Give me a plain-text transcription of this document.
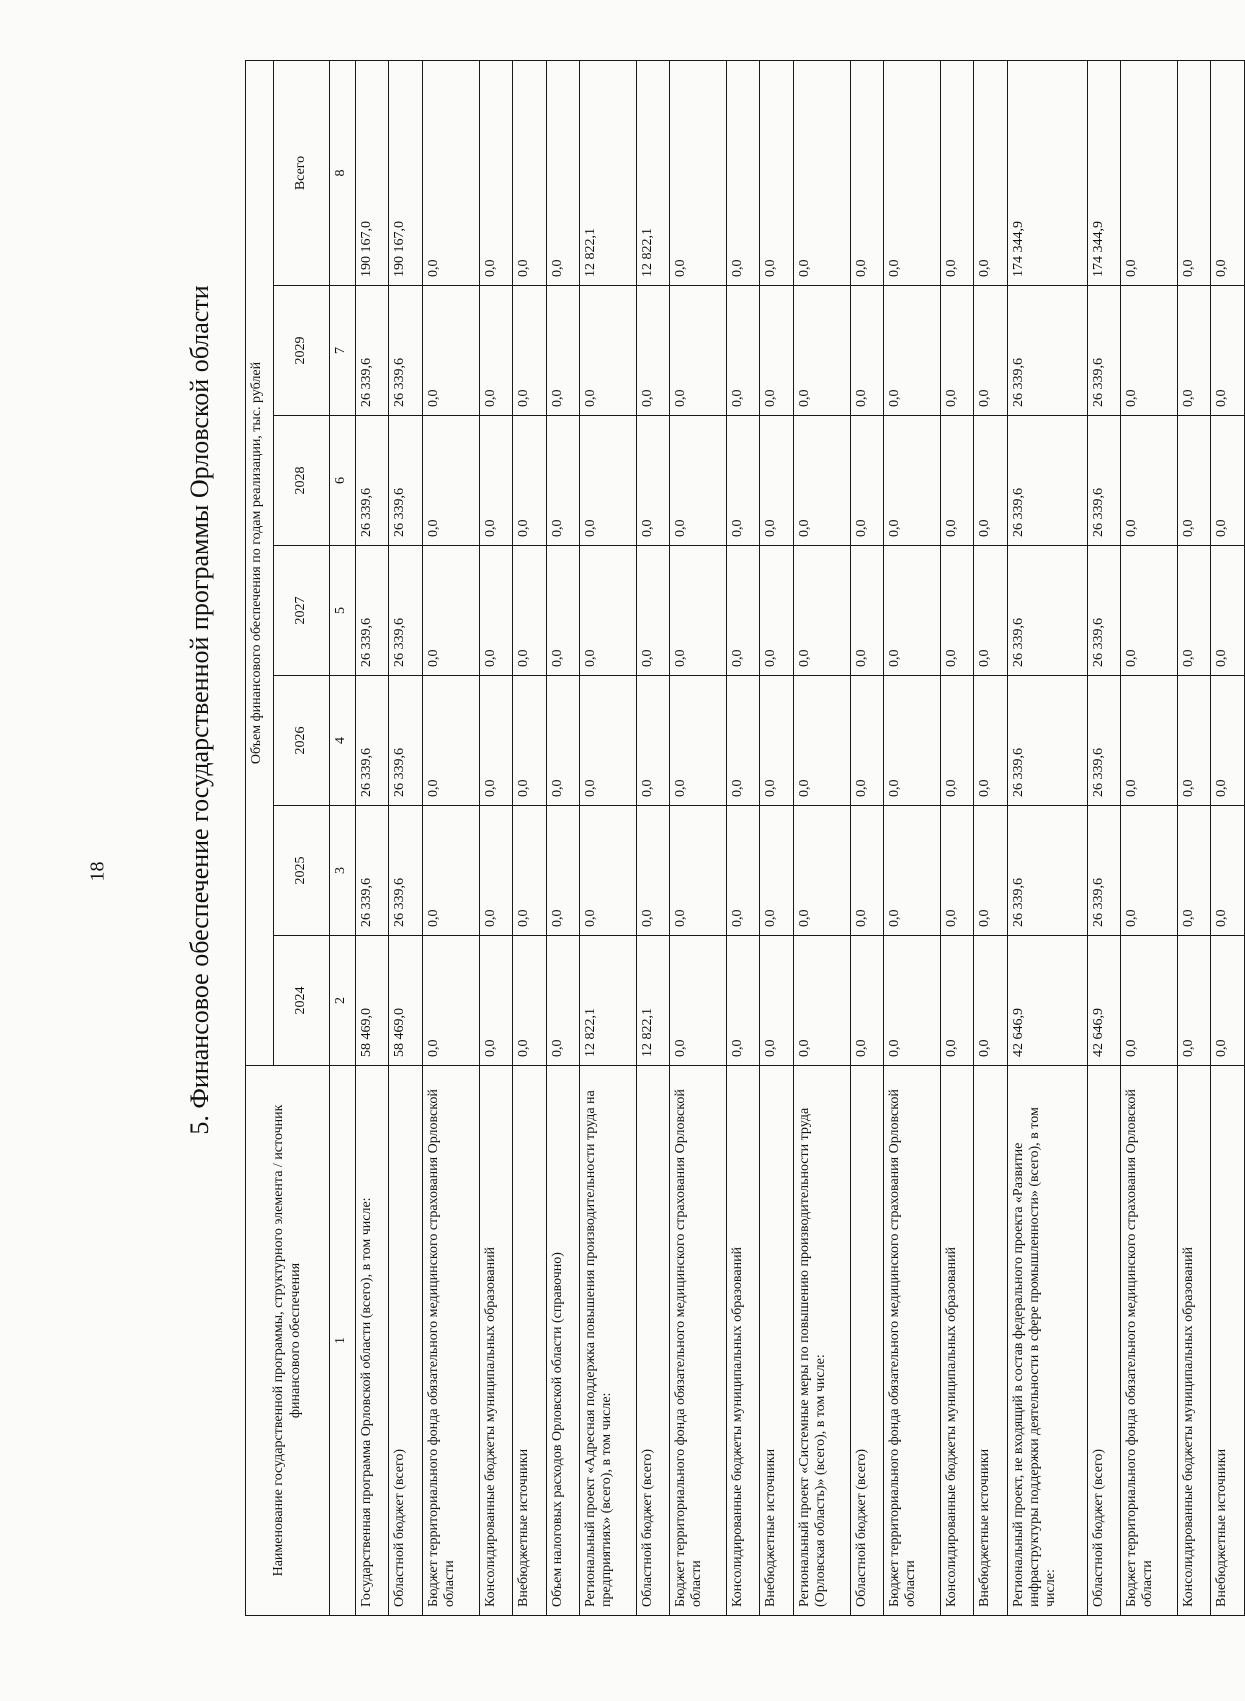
18	5. Финансовое обеспечение государственной программы Орловской области
Наименование государственной программы, структурного элемента / источник финансового обеспечения	Объем финансового обеспечения по годам реализации, тыс. рублей						
	2024	2025	2026	2027	2028	2029	Всего
1	2	3	4	5	6	7	8
Государственная программа Орловской области (всего), в том числе:	58 469,0	26 339,6	26 339,6	26 339,6	26 339,6	26 339,6	190 167,0
Областной бюджет (всего)	58 469,0	26 339,6	26 339,6	26 339,6	26 339,6	26 339,6	190 167,0
Бюджет территориального фонда обязательного медицинского страхования Орловской области	0,0	0,0	0,0	0,0	0,0	0,0	0,0
Консолидированные бюджеты муниципальных образований	0,0	0,0	0,0	0,0	0,0	0,0	0,0
Внебюджетные источники	0,0	0,0	0,0	0,0	0,0	0,0	0,0
Объем налоговых расходов Орловской области (справочно)	0,0	0,0	0,0	0,0	0,0	0,0	0,0
Региональный проект «Адресная поддержка повышения производительности труда на предприятиях» (всего), в том числе:	12 822,1	0,0	0,0	0,0	0,0	0,0	12 822,1
Областной бюджет (всего)	12 822,1	0,0	0,0	0,0	0,0	0,0	12 822,1
Бюджет территориального фонда обязательного медицинского страхования Орловской области	0,0	0,0	0,0	0,0	0,0	0,0	0,0
Консолидированные бюджеты муниципальных образований	0,0	0,0	0,0	0,0	0,0	0,0	0,0
Внебюджетные источники	0,0	0,0	0,0	0,0	0,0	0,0	0,0
Региональный проект «Системные меры по повышению производительности труда (Орловская область)» (всего), в том числе:	0,0	0,0	0,0	0,0	0,0	0,0	0,0
Областной бюджет (всего)	0,0	0,0	0,0	0,0	0,0	0,0	0,0
Бюджет территориального фонда обязательного медицинского страхования Орловской области	0,0	0,0	0,0	0,0	0,0	0,0	0,0
Консолидированные бюджеты муниципальных образований	0,0	0,0	0,0	0,0	0,0	0,0	0,0
Внебюджетные источники	0,0	0,0	0,0	0,0	0,0	0,0	0,0
Региональный проект, не входящий в состав федерального проекта «Развитие инфраструктуры поддержки деятельности в сфере промышленности» (всего), в том числе:	42 646,9	26 339,6	26 339,6	26 339,6	26 339,6	26 339,6	174 344,9
Областной бюджет (всего)	42 646,9	26 339,6	26 339,6	26 339,6	26 339,6	26 339,6	174 344,9
Бюджет территориального фонда обязательного медицинского страхования Орловской области	0,0	0,0	0,0	0,0	0,0	0,0	0,0
Консолидированные бюджеты муниципальных образований	0,0	0,0	0,0	0,0	0,0	0,0	0,0
Внебюджетные источники	0,0	0,0	0,0	0,0	0,0	0,0	0,0
